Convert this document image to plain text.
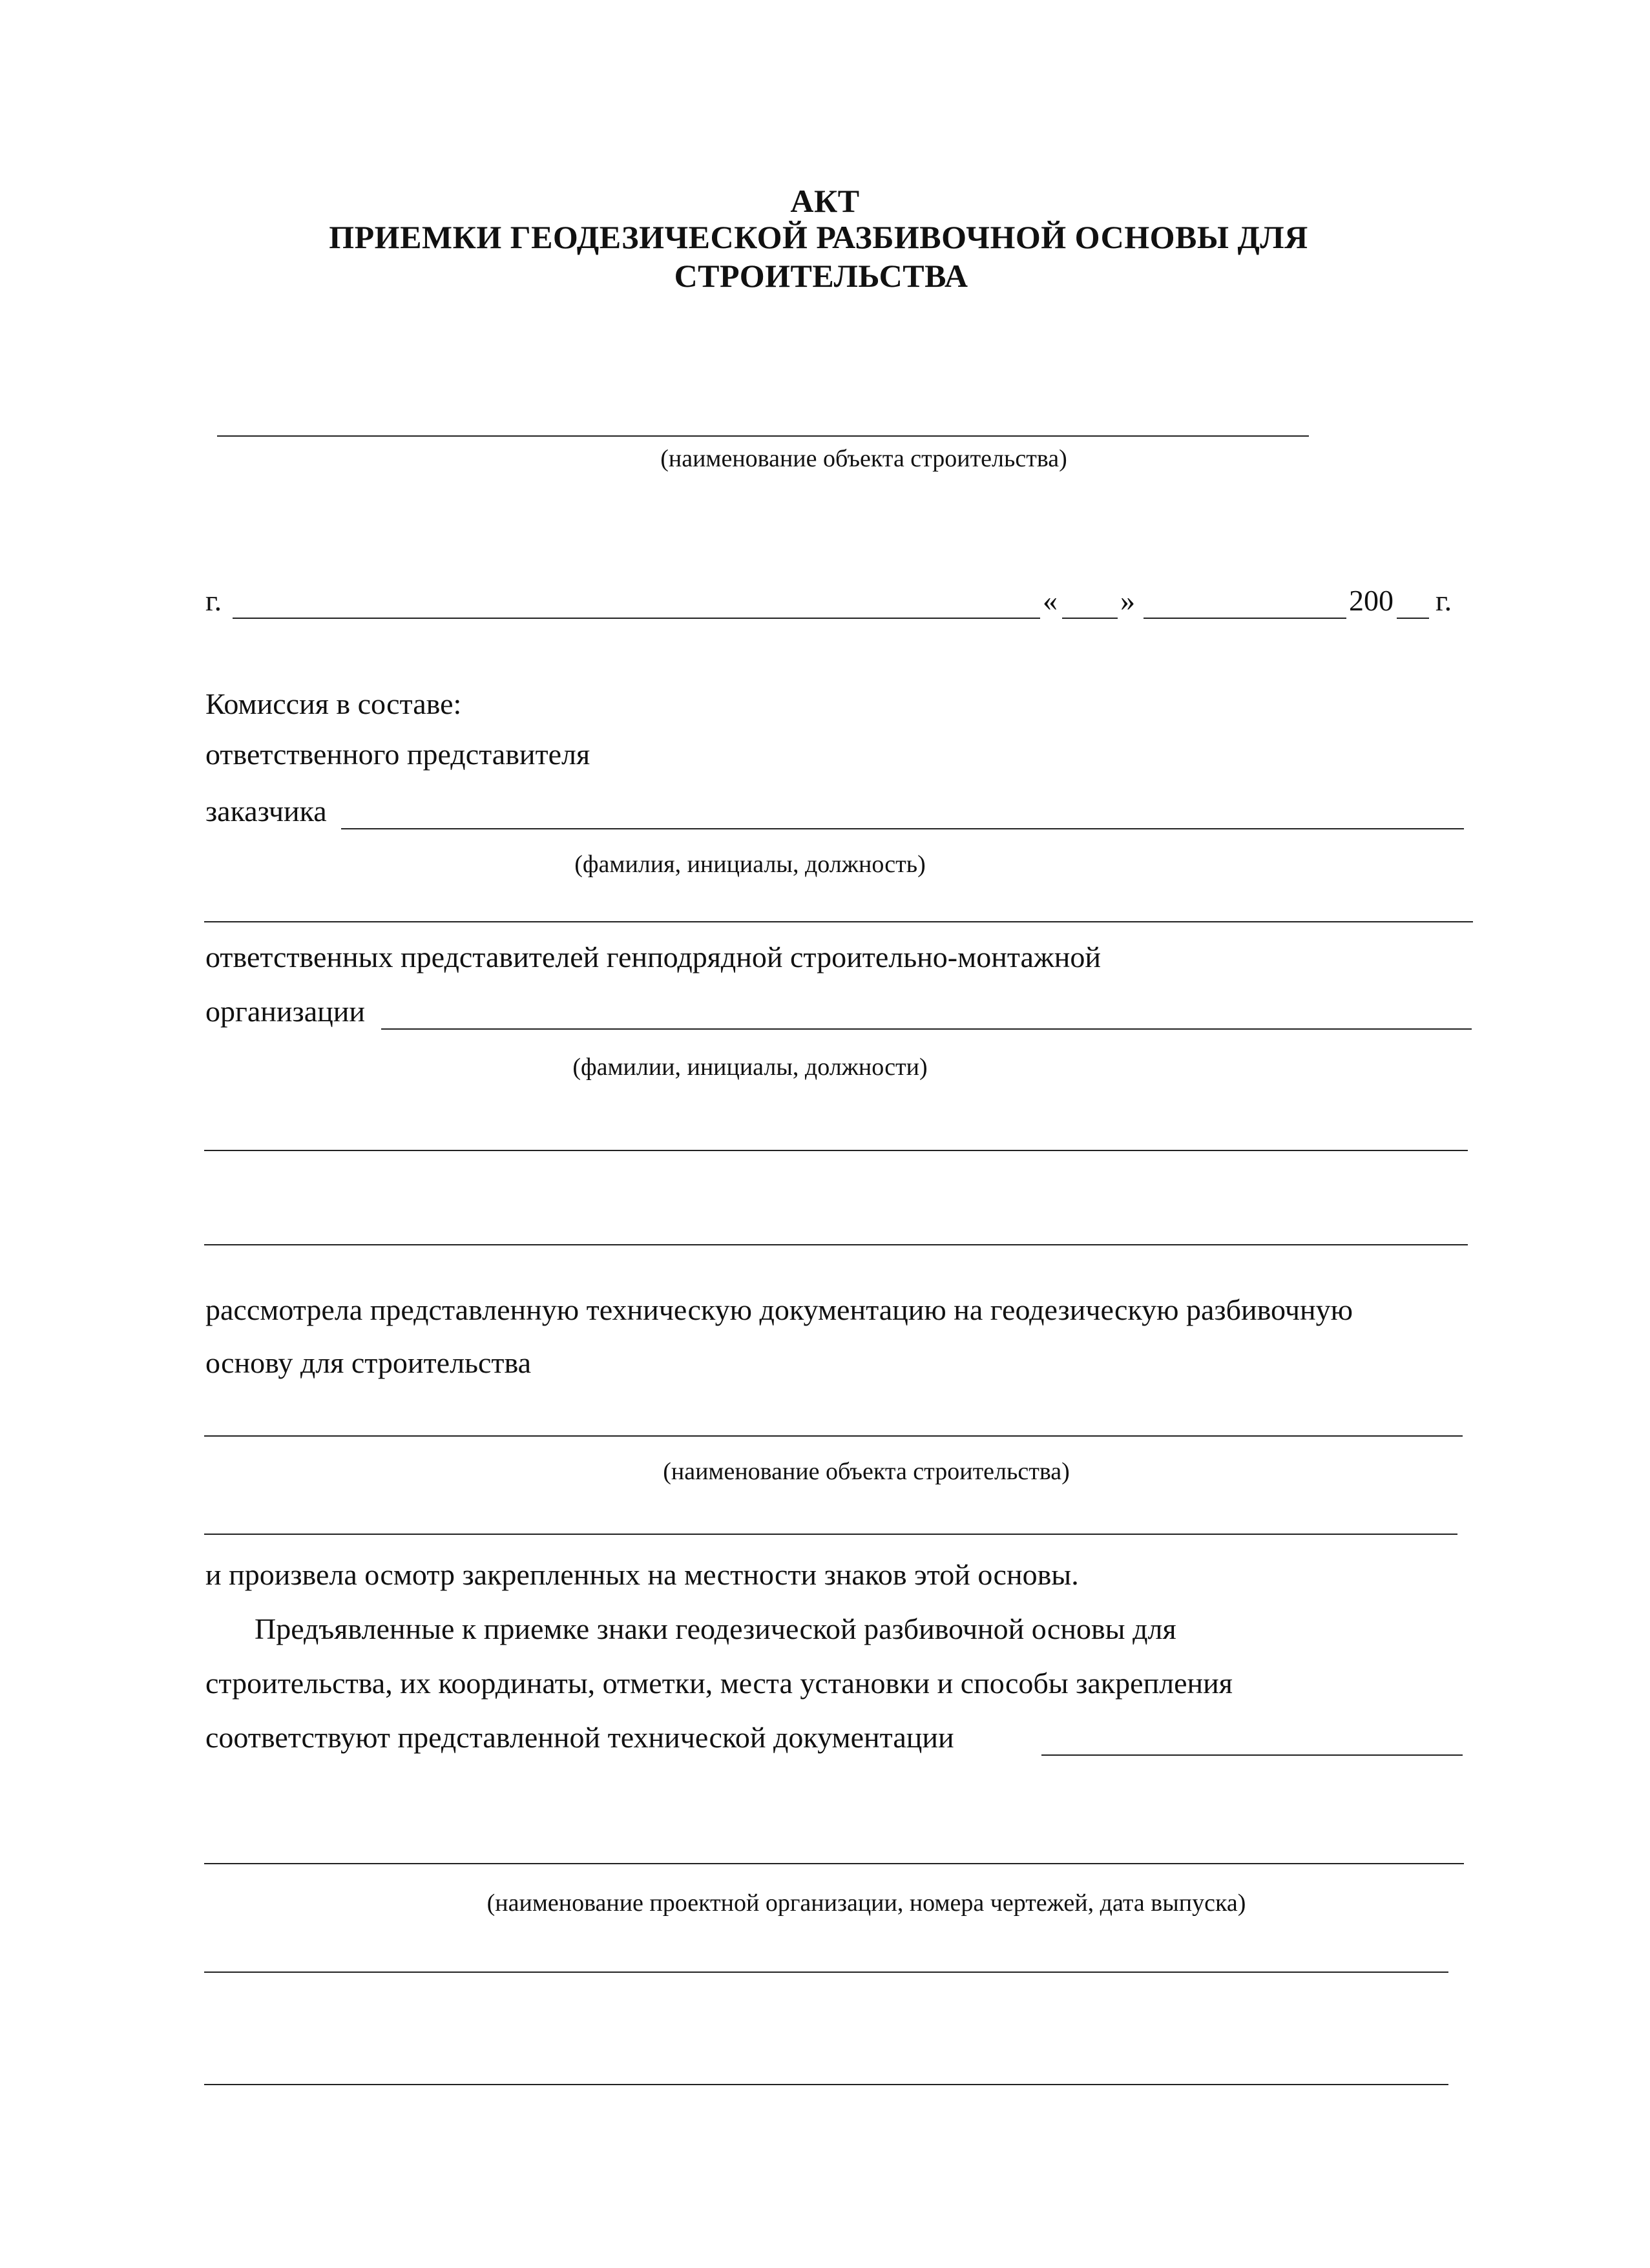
АКТ
ПРИЕМКИ ГЕОДЕЗИЧЕСКОЙ РАЗБИВОЧНОЙ ОСНОВЫ ДЛЯ
СТРОИТЕЛЬСТВА
(наименование объекта строительства)
г.	« »	200 г.
Комиссия в составе:
ответственного представителя
заказчика
(фамилия, инициалы, должность)
ответственных представителей генподрядной строительно-монтажной
организации
(фамилии, инициалы, должности)
рассмотрела представленную техническую документацию на геодезическую разбивочную
основу для строительства
(наименование объекта строительства)
и произвела осмотр закрепленных на местности знаков этой основы.
Предъявленные к приемке знаки геодезической разбивочной основы для
строительства, их координаты, отметки, места установки и способы закрепления
соответствуют представленной технической документации
(наименование проектной организации, номера чертежей, дата выпуска)
